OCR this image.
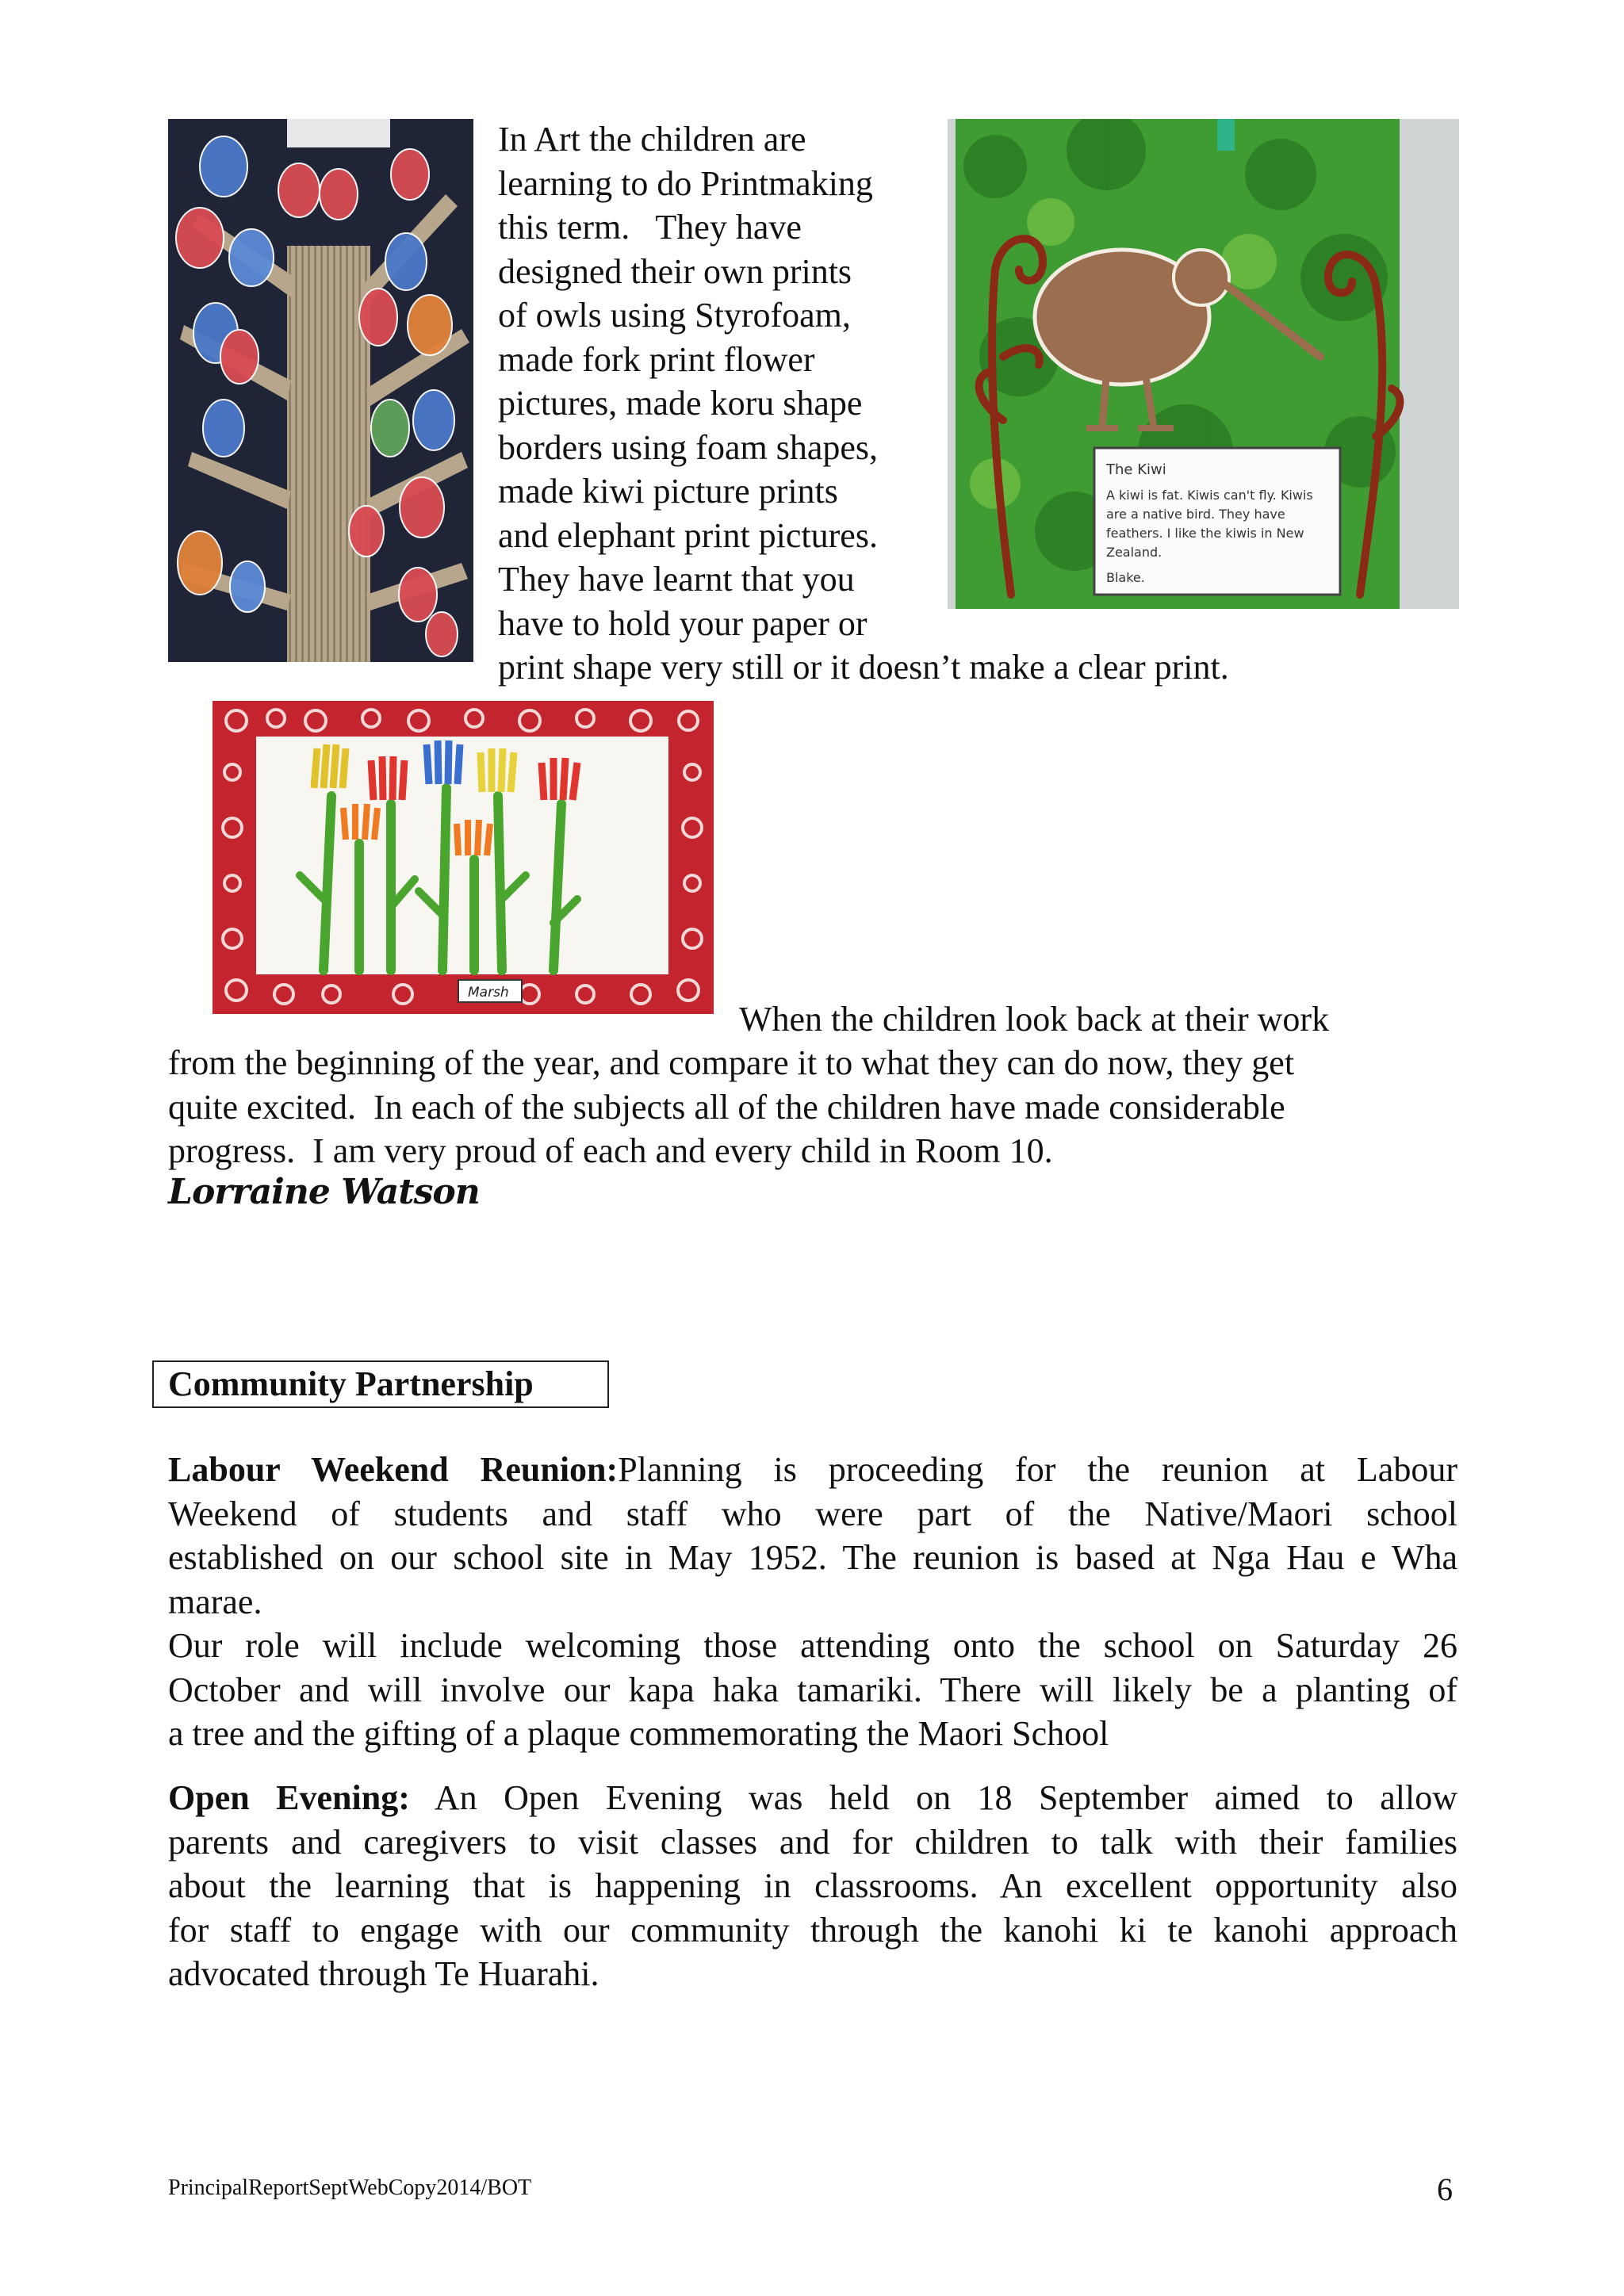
The Kiwi
A kiwi is fat. Kiwis can't fly. Kiwis
are a native bird. They have
feathers. I like the kiwis in New
Zealand.
Blake.
In Art the children are
learning to do Printmaking
this term.   They have
designed their own prints
of owls using Styrofoam,
made fork print flower
pictures, made koru shape
borders using foam shapes,
made kiwi picture prints
and elephant print pictures.
They have learnt that you
have to hold your paper or
print shape very still or it doesn’t make a clear print.
Marsh
When the children look back at their work

from the beginning of the year, and compare it to what they can do now, they get

quite excited.  In each of the subjects all of the children have made considerable

progress.  I am very proud of each and every child in Room 10.

Lorraine Watson
Community Partnership
Labour Weekend Reunion:Planning is proceeding for the reunion at Labour
Weekend of students and staff who were part of the Native/Maori school
established on our school site in May 1952. The reunion is based at Nga Hau e Wha
marae.
Our role will include welcoming those attending onto the school on Saturday 26
October and will involve our kapa haka tamariki. There will likely be a planting of
a tree and the gifting of a plaque commemorating the Maori School
Open Evening: An Open Evening was held on 18 September aimed to allow
parents and caregivers to visit classes and for children to talk with their families
about the learning that is happening in classrooms. An excellent opportunity also
for staff to engage with our community through the kanohi ki te kanohi approach
advocated through Te Huarahi.
PrincipalReportSeptWebCopy2014/BOT	6
